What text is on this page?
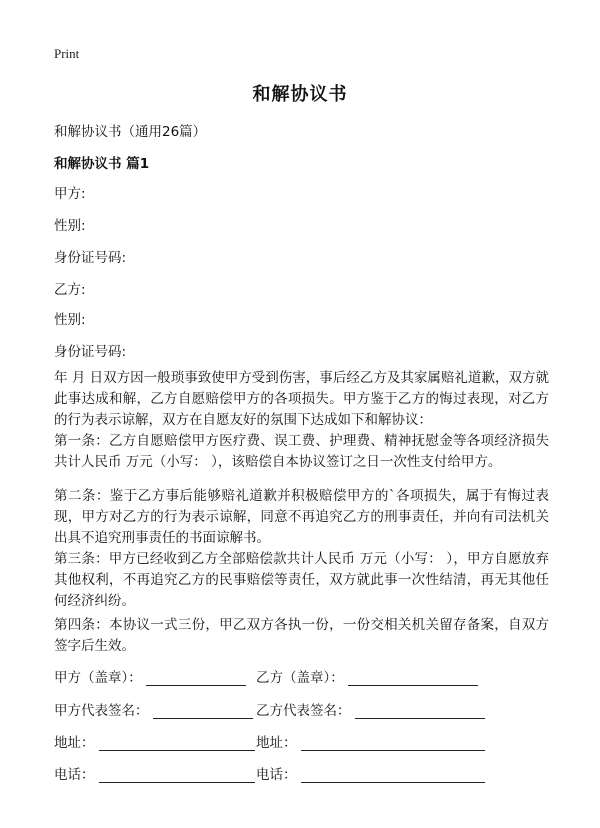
Print
和解协议书
和解协议书（通用26篇）
和解协议书 篇1
甲方:
性别:
身份证号码:
乙方:
性别:
身份证号码:
年 月 日双方因一般琐事致使甲方受到伤害，事后经乙方及其家属赔礼道歉，双方就此事达成和解，乙方自愿赔偿甲方的各项损失。甲方鉴于乙方的悔过表现，对乙方的行为表示谅解，双方在自愿友好的氛围下达成如下和解协议：
第一条：乙方自愿赔偿甲方医疗费、误工费、护理费、精神抚慰金等各项经济损失共计人民币 万元（小写： ），该赔偿自本协议签订之日一次性支付给甲方。
第二条：鉴于乙方事后能够赔礼道歉并积极赔偿甲方的`各项损失，属于有悔过表现，甲方对乙方的行为表示谅解，同意不再追究乙方的刑事责任，并向有司法机关出具不追究刑事责任的书面谅解书。
第三条：甲方已经收到乙方全部赔偿款共计人民币 万元（小写： ），甲方自愿放弃其他权利，不再追究乙方的民事赔偿等责任，双方就此事一次性结清，再无其他任何经济纠纷。
第四条：本协议一式三份，甲乙双方各执一份，一份交相关机关留存备案，自双方签字后生效。
甲方（盖章）：	乙方（盖章）：
甲方代表签名：	乙方代表签名：
地址：	地址：
电话：	电话：
